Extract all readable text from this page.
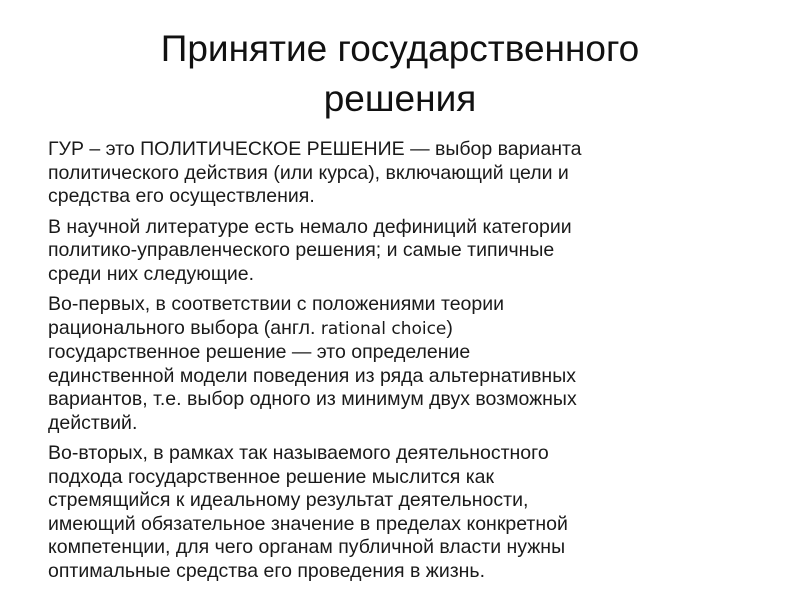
Принятие государственного
решения

ГУР – это ПОЛИТИЧЕСКОЕ РЕШЕНИЕ — выбор варианта
политического действия (или курса), включающий цели и
средства его осуществления.

В научной литературе есть немало дефиниций категории
политико-управленческого решения; и самые типичные
среди них следующие.

Во-первых, в соответствии с положениями теории
рационального выбора (англ. rational choice)
государственное решение — это определение
единственной модели поведения из ряда альтернативных
вариантов, т.е. выбор одного из минимум двух возможных
действий.

Во-вторых, в рамках так называемого деятельностного
подхода государственное решение мыслится как
стремящийся к идеальному результат деятельности,
имеющий обязательное значение в пределах конкретной
компетенции, для чего органам публичной власти нужны
оптимальные средства его проведения в жизнь.
